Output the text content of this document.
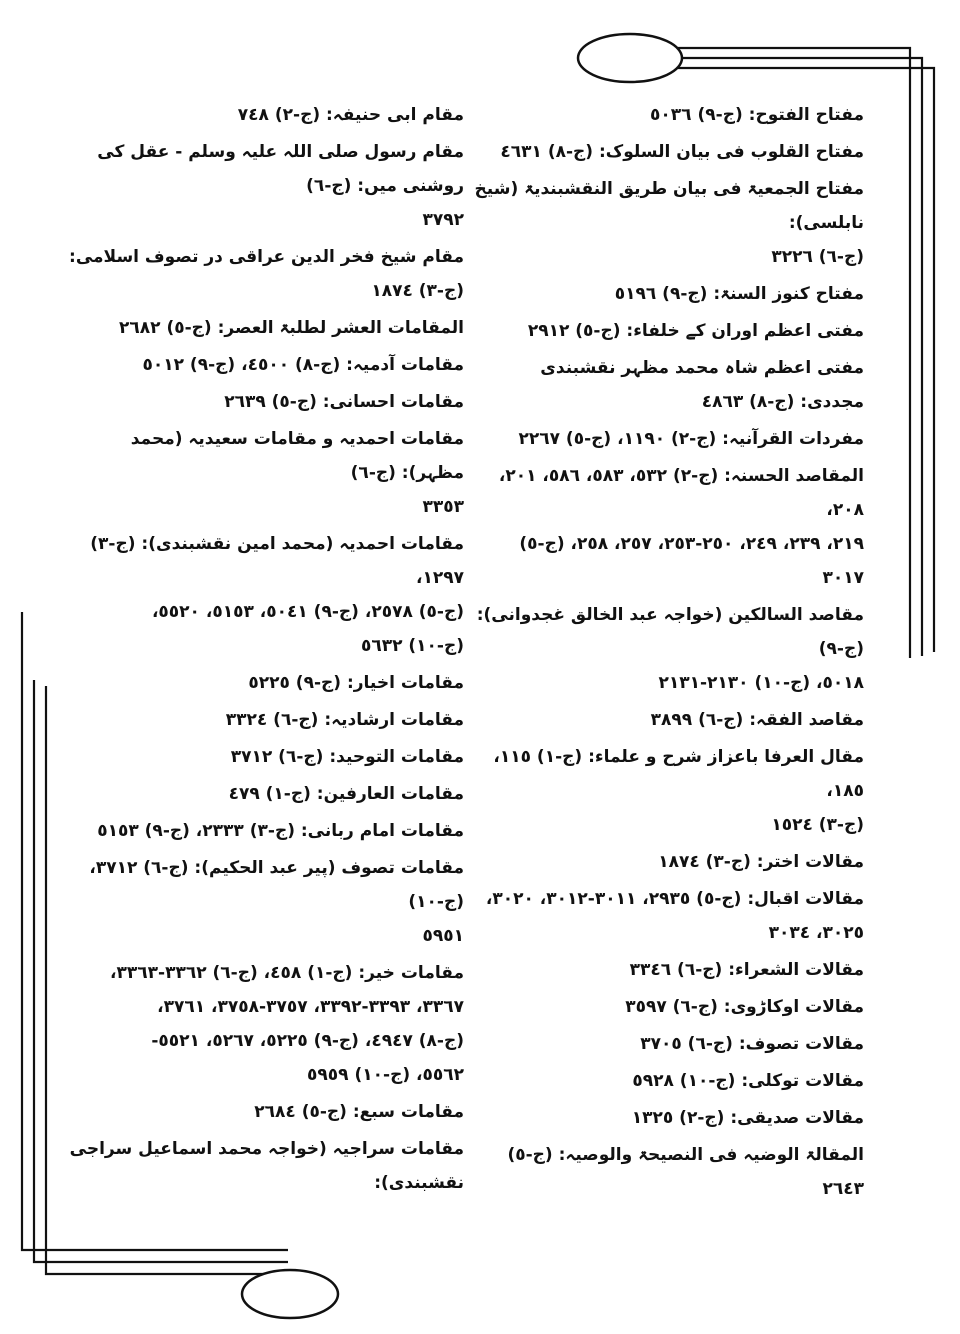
مفتاح الفتوح: (ج-٩) ٥٠٣٦
مفتاح القلوب فی بیان السلوک: (ج-٨) ٤٦٣١
مفتاح الجمعیۃ فی بیان طریق النقشبندیۃ (شیخ نابلسی):
(ج-٦) ٣٢٢٦
مفتاح کنوز السنۃ: (ج-٩) ٥١٩٦
مفتی اعظم اوران کے خلفاء: (ج-٥) ٢٩١٢
مفتی اعظم شاہ محمد مظہر نقشبندی مجددی: (ج-٨) ٤٨٦٣
مفردات القرآنیہ: (ج-٢) ١١٩٠، (ج-٥) ٢٢٦٧
المقاصد الحسنہ: (ج-٢) ٥٣٢، ٥٨٣، ٥٨٦، ٢٠١، ٢٠٨،
٢١٩، ٢٣٩، ٢٤٩، ٢٥٠-٢٥٣، ٢٥٧، ٢٥٨، (ج-٥)
٣٠١٧
مقاصد السالکین (خواجہ عبد الخالق غجدوانی): (ج-٩)
٥٠١٨، (ج-١٠) ٢١٣٠-٢١٣١
مقاصد الفقہ: (ج-٦) ٣٨٩٩
مقال العرفا باعزاز شرح و علماء: (ج-١) ١١٥، ١٨٥،
(ج-٣) ١٥٢٤
مقالات اختر: (ج-٣) ١٨٧٤
مقالات اقبال: (ج-٥) ٢٩٣٥، ٣٠١١-٣٠١٢، ٣٠٢٠،
٣٠٢٥، ٣٠٣٤
مقالات الشعراء: (ج-٦) ٣٣٤٦
مقالات اوکاڑوی: (ج-٦) ٣٥٩٧
مقالات تصوف: (ج-٦) ٣٧٠٥
مقالات توکلی: (ج-١٠) ٥٩٢٨
مقالات صدیقی: (ج-٢) ١٣٢٥
المقالۃ الوضیہ فی النصیحۃ والوصیہ: (ج-٥) ٢٦٤٣
مقام ابی حنیفہ: (ج-٢) ٧٤٨
مقام رسول صلی اللہ علیہ وسلم - عقل کی روشنی میں: (ج-٦)
٣٧٩٢
مقام شیخ فخر الدین عراقی در تصوف اسلامی: (ج-٣) ١٨٧٤
المقامات العشر لطلبۃ العصر: (ج-٥) ٢٦٨٢
مقامات آدمیہ: (ج-٨) ٤٥٠٠، (ج-٩) ٥٠١٢
مقامات احسانی: (ج-٥) ٢٦٣٩
مقامات احمدیہ و مقامات سعیدیہ (محمد مظہر): (ج-٦)
٣٣٥٣
مقامات احمدیہ (محمد امین نقشبندی): (ج-٣) ١٢٩٧،
(ج-٥) ٢٥٧٨، (ج-٩) ٥٠٤١، ٥١٥٣، ٥٥٢٠،
(ج-١٠) ٥٦٣٢
مقامات اخیار: (ج-٩) ٥٢٢٥
مقامات ارشادیہ: (ج-٦) ٣٣٢٤
مقامات التوحید: (ج-٦) ٣٧١٢
مقامات العارفین: (ج-١) ٤٧٩
مقامات امام ربانی: (ج-٣) ٢٣٣٣، (ج-٩) ٥١٥٣
مقامات تصوف (پیر عبد الحکیم): (ج-٦) ٣٧١٢، (ج-١٠)
٥٩٥١
مقامات خیر: (ج-١) ٤٥٨، (ج-٦) ٣٣٦٢-٣٣٦٣،
٣٣٦٧، ٣٣٩٣-٣٣٩٢، ٣٧٥٧-٣٧٥٨، ٣٧٦١،
(ج-٨) ٤٩٤٧، (ج-٩) ٥٢٢٥، ٥٢٦٧، ٥٥٢١-
٥٥٦٢، (ج-١٠) ٥٩٥٩
مقامات سبع: (ج-٥) ٢٦٨٤
مقامات سراجیہ (خواجہ محمد اسماعیل سراجی نقشبندی):
